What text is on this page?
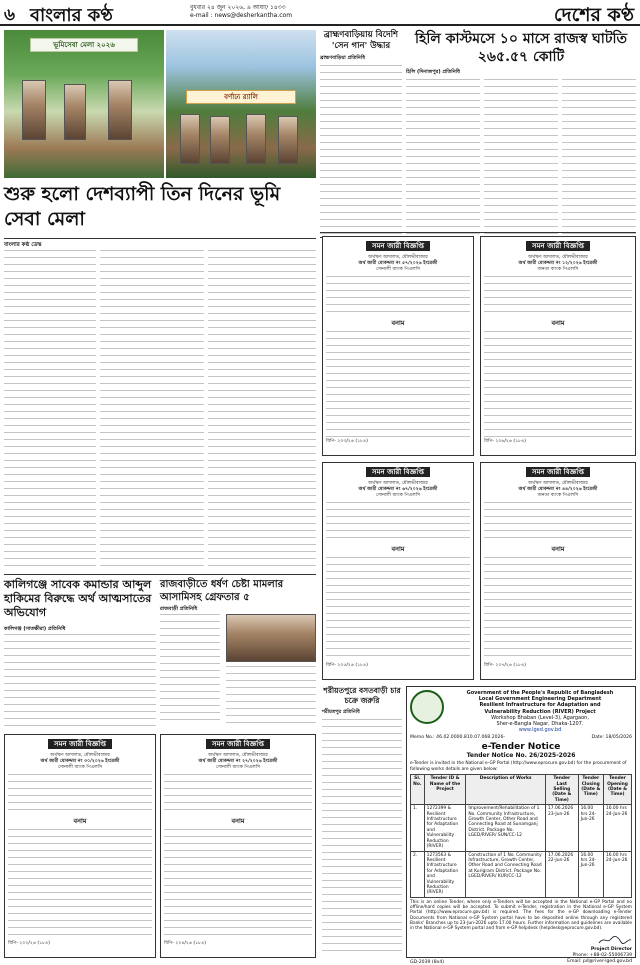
৬ বাংলার কণ্ঠ	বুধবার ২৪ জুন ২০২৬, ৯ আষাঢ় ১৪৩৩
e-mail : news@desherkantha.com	দেশের কণ্ঠ
ভূমিসেবা মেলা ২০২৬
বর্ণাঢ্য র‍্যালি
শুরু হলো দেশব্যাপী তিন দিনের ভূমি সেবা মেলা
বাংলার কণ্ঠ ডেস্ক
ব্রাহ্মণবাড়িয়ায় বিদেশি 'সেন গান' উদ্ধার
ব্রাহ্মণবাড়িয়া প্রতিনিধি
হিলি কাস্টমসে ১০ মাসে রাজস্ব ঘাটতি ২৬৫.৫৭ কোটি
হিলি (দিনাজপুর) প্রতিনিধি
সমন জারী বিজ্ঞপ্তি
অর্থঋণ আদালত, মৌলভীবাজার
অর্থ জারী মোকদ্দমা নং ৫৭/২০২৬ ইংরেজী
সোনালী ব্যাংক পিএলসি
বনাম
বিপি- ২০৩/২৬ (১৮৪)
সমন জারী বিজ্ঞপ্তি
অর্থঋণ আদালত, মৌলভীবাজার
অর্থ জারী মোকদ্দমা নং ১২/২০২৬ ইংরেজী
জনতা ব্যাংক পিএলসি
বনাম
বিপি- ২০৬/২৬ (১৮৪)
সমন জারী বিজ্ঞপ্তি
অর্থঋণ আদালত, মৌলভীবাজার
অর্থ জারী মোকদ্দমা নং ৬৭/২০২৬ ইংরেজী
সোনালী ব্যাংক পিএলসি
বনাম
বিপি- ২০৫/২৬ (১৮৪)
সমন জারী বিজ্ঞপ্তি
অর্থঋণ আদালত, মৌলভীবাজার
অর্থ জারী মোকদ্দমা নং ৪৪/২০২৬ ইংরেজী
জনতা ব্যাংক পিএলসি
বনাম
বিপি- ২০৭/২৬ (১৮৪)
কালিগঞ্জে সাবেক কমান্ডার আব্দুল হাকিমের বিরুদ্ধে অর্থ আত্মসাতের অভিযোগ
কালিগঞ্জ (সাতক্ষীরা) প্রতিনিধি
রাজবাড়ীতে ধর্ষণ চেষ্টা মামলার আসামিসহ গ্রেফতার ৫
রাজবাড়ী প্রতিনিধি
সমন জারী বিজ্ঞপ্তি
অর্থঋণ আদালত, মৌলভীবাজার
অর্থ জারী মোকদ্দমা নং ৩০/২০২৬ ইংরেজী
সোনালী ব্যাংক পিএলসি
বনাম
বিপি- ২০২/২৬ (১৮৪)
সমন জারী বিজ্ঞপ্তি
অর্থঋণ আদালত, মৌলভীবাজার
অর্থ জারী মোকদ্দমা নং ২৭/২০২৬ ইংরেজী
সোনালী ব্যাংক পিএলসি
বনাম
বিপি- ২০৪/২৬ (১৮৪)
শরীয়তপুরে বসতবাড়ী চার চক্রে জরুরি
শরীয়তপুর প্রতিনিধি
Government of the People's Republic of Bangladesh
Local Government Engineering Department
Resilient Infrastructure for Adaptation and
Vulnerability Reduction (RIVER) Project
Workshop Bhaban (Level-3), Agargaon,
Sher-e-Bangla Nagar, Dhaka-1207.
www.lged.gov.bd
Memo No.: 46.02.0000.810.07.068.2026-	Date: 18/05/2026
e-Tender Notice
Tender Notice No. 26/2025-2026
e-Tender is invited in the National e-GP Portal (http://www.eprocure.gov.bd) for the procurement of following works details are given below:
Sl. No.	Tender ID & Name of the Project	Description of Works	Tender Last Selling (Date & Time)	Tender Closing (Date & Time)	Tender Opening (Date & Time)
1.	1272399 & Resilient Infrastructure for Adaptation and Vulnerability Reduction (RIVER)	Improvement/Rehabilitation of 1 No. Community Infrastructure, Growth Center, Other Road and Connecting Road at Sunamganj District. Package No. LGED/RIVER/ SUN/CC-12	17.06.2026 23-Jun-26	16.00 hrs 24-Jun-26	16.00 hrs 24-Jun-26
2.	1273563 & Resilient Infrastructure for Adaptation and Vulnerability Reduction (RIVER)	Construction of 1 No. Community Infrastructure, Growth Center, Other Road and Connecting Road at Kurigram District. Package No. LGED/RIVER/ KUR/CC-12	17.06.2026 22-Jun-26	16.00 hrs 24-Jun-26	16.00 hrs 24-Jun-26
This is an online Tender, where only e-Tenders will be accepted in the National e-GP Portal and no offline/hard copies will be accepted. To submit e-Tender, registration in the National e-GP System Portal (http://www.eprocure.gov.bd) is required. The fees for the e-GP downloading e-Tender Documents from National e-GP System portal have to be deposited online through any registered Banks' Branches up to 23-Jun-2026 upto 17.00 hours. Further information and guidelines are available in the National e-GP System portal and from e-GP helpdesk (helpdesk@eprocure.gov.bd).
GD-2039 (8x4)
Project Director
Phone: +88-02-55006739
Email: pd@river-lged.gov.bd
